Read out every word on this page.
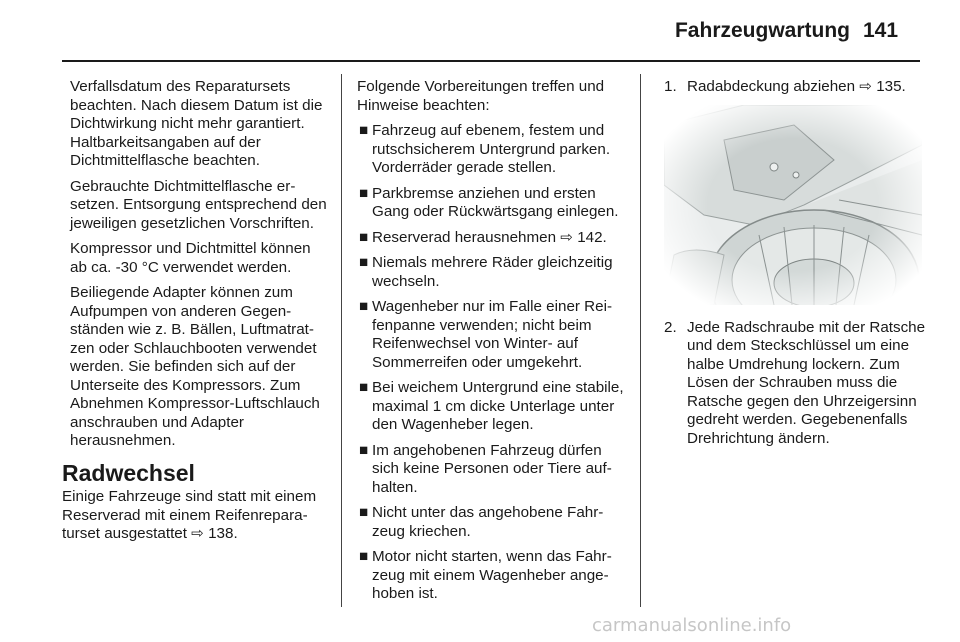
Fahrzeugwartung 141

Verfallsdatum des Reparatursets beachten. Nach diesem Datum ist die Dichtwirkung nicht mehr garantiert. Haltbarkeitsangaben auf der Dichtmittelflasche beachten.

Gebrauchte Dichtmittelflasche ersetzen. Entsorgung entsprechend den jeweiligen gesetzlichen Vorschriften.

Kompressor und Dichtmittel können ab ca. -30 °C verwendet werden.

Beiliegende Adapter können zum Aufpumpen von anderen Gegenständen wie z. B. Bällen, Luftmatratzen oder Schlauchbooten verwendet werden. Sie befinden sich auf der Unterseite des Kompressors. Zum Abnehmen Kompressor-Luftschlauch anschrauben und Adapter herausnehmen.

Radwechsel

Einige Fahrzeuge sind statt mit einem Reserverad mit einem Reifenreparaturset ausgestattet ⇨ 138.

Folgende Vorbereitungen treffen und Hinweise beachten:

■ Fahrzeug auf ebenem, festem und rutschsicherem Untergrund parken. Vorderräder gerade stellen.
■ Parkbremse anziehen und ersten Gang oder Rückwärtsgang einlegen.
■ Reserverad herausnehmen ⇨ 142.
■ Niemals mehrere Räder gleichzeitig wechseln.
■ Wagenheber nur im Falle einer Reifenpanne verwenden; nicht beim Reifenwechsel von Winter- auf Sommerreifen oder umgekehrt.
■ Bei weichem Untergrund eine stabile, maximal 1 cm dicke Unterlage unter den Wagenheber legen.
■ Im angehobenen Fahrzeug dürfen sich keine Personen oder Tiere aufhalten.
■ Nicht unter das angehobene Fahrzeug kriechen.
■ Motor nicht starten, wenn das Fahrzeug mit einem Wagenheber angehoben ist.
1. Radabdeckung abziehen ⇨ 135.
2. Jede Radschraube mit der Ratsche und dem Steckschlüssel um eine halbe Umdrehung lockern. Zum Lösen der Schrauben muss die Ratsche gegen den Uhrzeigersinn gedreht werden. Gegebenenfalls Drehrichtung ändern.
carmanualsonline.info
